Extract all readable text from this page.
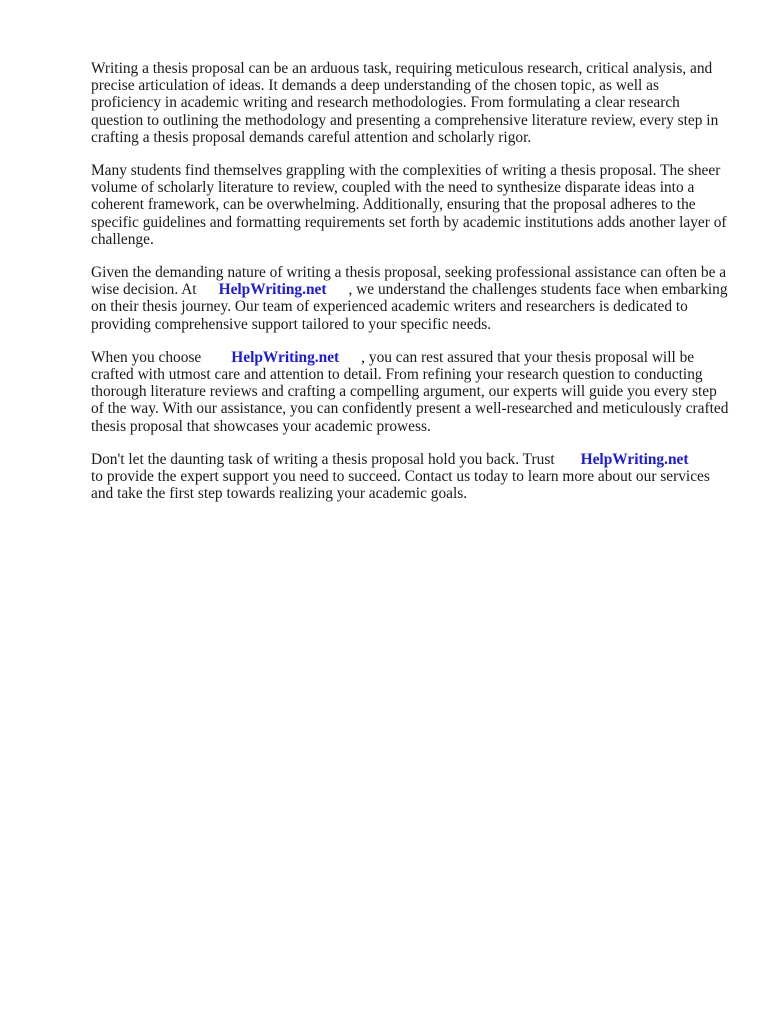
Writing a thesis proposal can be an arduous task, requiring meticulous research, critical analysis, and precise articulation of ideas. It demands a deep understanding of the chosen topic, as well as proficiency in academic writing and research methodologies. From formulating a clear research question to outlining the methodology and presenting a comprehensive literature review, every step in crafting a thesis proposal demands careful attention and scholarly rigor.

Many students find themselves grappling with the complexities of writing a thesis proposal. The sheer volume of scholarly literature to review, coupled with the need to synthesize disparate ideas into a coherent framework, can be overwhelming. Additionally, ensuring that the proposal adheres to the specific guidelines and formatting requirements set forth by academic institutions adds another layer of challenge.

Given the demanding nature of writing a thesis proposal, seeking professional assistance can often be a wise decision. At HelpWriting.net , we understand the challenges students face when embarking on their thesis journey. Our team of experienced academic writers and researchers is dedicated to providing comprehensive support tailored to your specific needs.

When you choose HelpWriting.net , you can rest assured that your thesis proposal will be crafted with utmost care and attention to detail. From refining your research question to conducting thorough literature reviews and crafting a compelling argument, our experts will guide you every step of the way. With our assistance, you can confidently present a well-researched and meticulously crafted thesis proposal that showcases your academic prowess.

Don't let the daunting task of writing a thesis proposal hold you back. Trust HelpWriting.net
to provide the expert support you need to succeed. Contact us today to learn more about our services and take the first step towards realizing your academic goals.
